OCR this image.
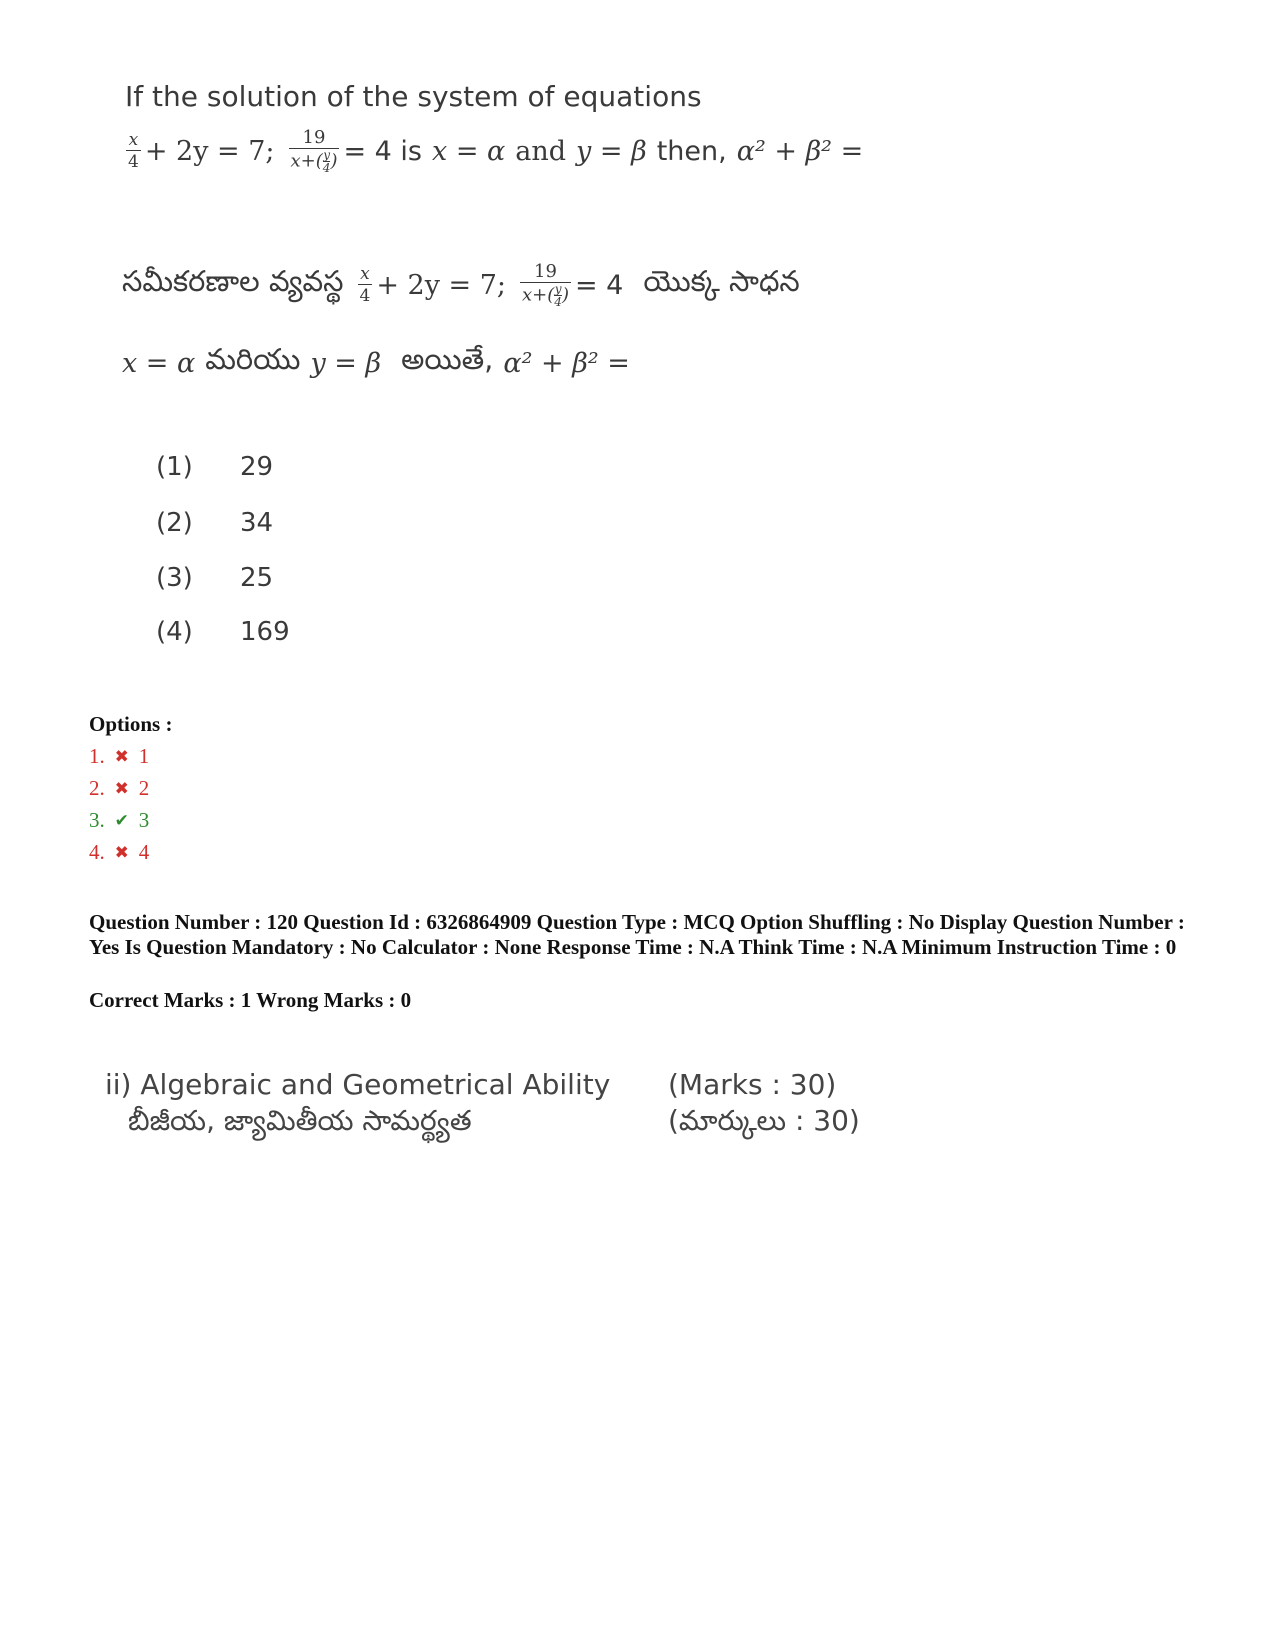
If the solution of the system of equations
$\frac{x}{4} + 2y = 7$; $\frac{19}{x+( \frac{y}{4} )} = 4$ is x = α and y = β then, α² + β² =
సమీకరణాల వ్యవస్థ $\frac{x}{4} + 2y = 7$; $\frac{19}{x+( \frac{y}{4} )} = 4$ యొక్క సాధన
x = α మరియు y = β అయితే, α² + β² =
(1)	29
(2)	34
(3)	25
(4)	169
Options :
1. ✖ 1
2. ✖ 2
3. ✔ 3
4. ✖ 4
Question Number : 120 Question Id : 6326864909 Question Type : MCQ Option Shuffling : No Display Question Number : Yes Is Question Mandatory : No Calculator : None Response Time : N.A Think Time : N.A Minimum Instruction Time : 0
Correct Marks : 1 Wrong Marks : 0
ii) Algebraic and Geometrical Ability
బీజీయ, జ్యామితీయ సామర్థ్యత
(Marks : 30)
(మార్కులు : 30)
